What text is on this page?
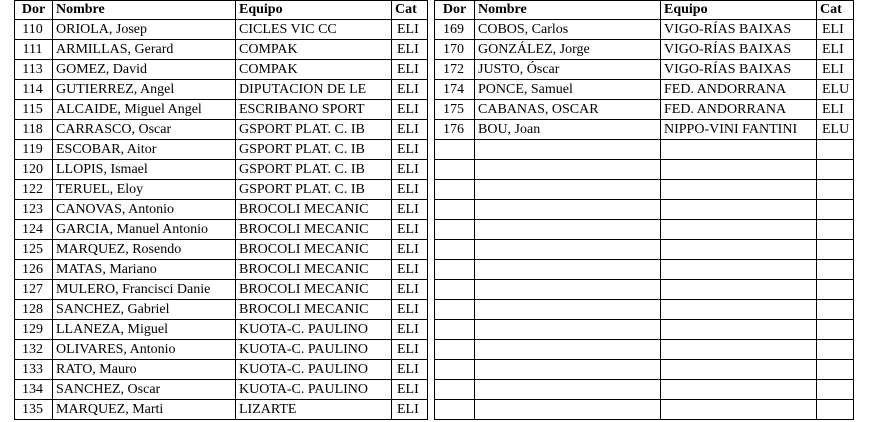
Dor	Nombre	Equipo	Cat
110	ORIOLA, Josep	CICLES VIC CC	ELI
111	ARMILLAS, Gerard	COMPAK	ELI
113	GOMEZ, David	COMPAK	ELI
114	GUTIERREZ, Angel	DIPUTACION DE LE	ELI
115	ALCAIDE, Miguel Angel	ESCRIBANO SPORT	ELI
118	CARRASCO, Oscar	GSPORT PLAT. C. IB	ELI
119	ESCOBAR, Aitor	GSPORT PLAT. C. IB	ELI
120	LLOPIS, Ismael	GSPORT PLAT. C. IB	ELI
122	TERUEL, Eloy	GSPORT PLAT. C. IB	ELI
123	CANOVAS, Antonio	BROCOLI MECANIC	ELI
124	GARCIA, Manuel Antonio	BROCOLI MECANIC	ELI
125	MARQUEZ, Rosendo	BROCOLI MECANIC	ELI
126	MATAS, Mariano	BROCOLI MECANIC	ELI
127	MULERO, Francisci Danie	BROCOLI MECANIC	ELI
128	SANCHEZ, Gabriel	BROCOLI MECANIC	ELI
129	LLANEZA, Miguel	KUOTA-C. PAULINO	ELI
132	OLIVARES, Antonio	KUOTA-C. PAULINO	ELI
133	RATO, Mauro	KUOTA-C. PAULINO	ELI
134	SANCHEZ, Oscar	KUOTA-C. PAULINO	ELI
135	MARQUEZ, Marti	LIZARTE	ELI
Dor	Nombre	Equipo	Cat
169	COBOS, Carlos	VIGO-RÍAS BAIXAS	ELI
170	GONZÁLEZ, Jorge	VIGO-RÍAS BAIXAS	ELI
172	JUSTO, Óscar	VIGO-RÍAS BAIXAS	ELI
174	PONCE, Samuel	FED. ANDORRANA	ELU
175	CABANAS, OSCAR	FED. ANDORRANA	ELI
176	BOU, Joan	NIPPO-VINI FANTINI	ELU
